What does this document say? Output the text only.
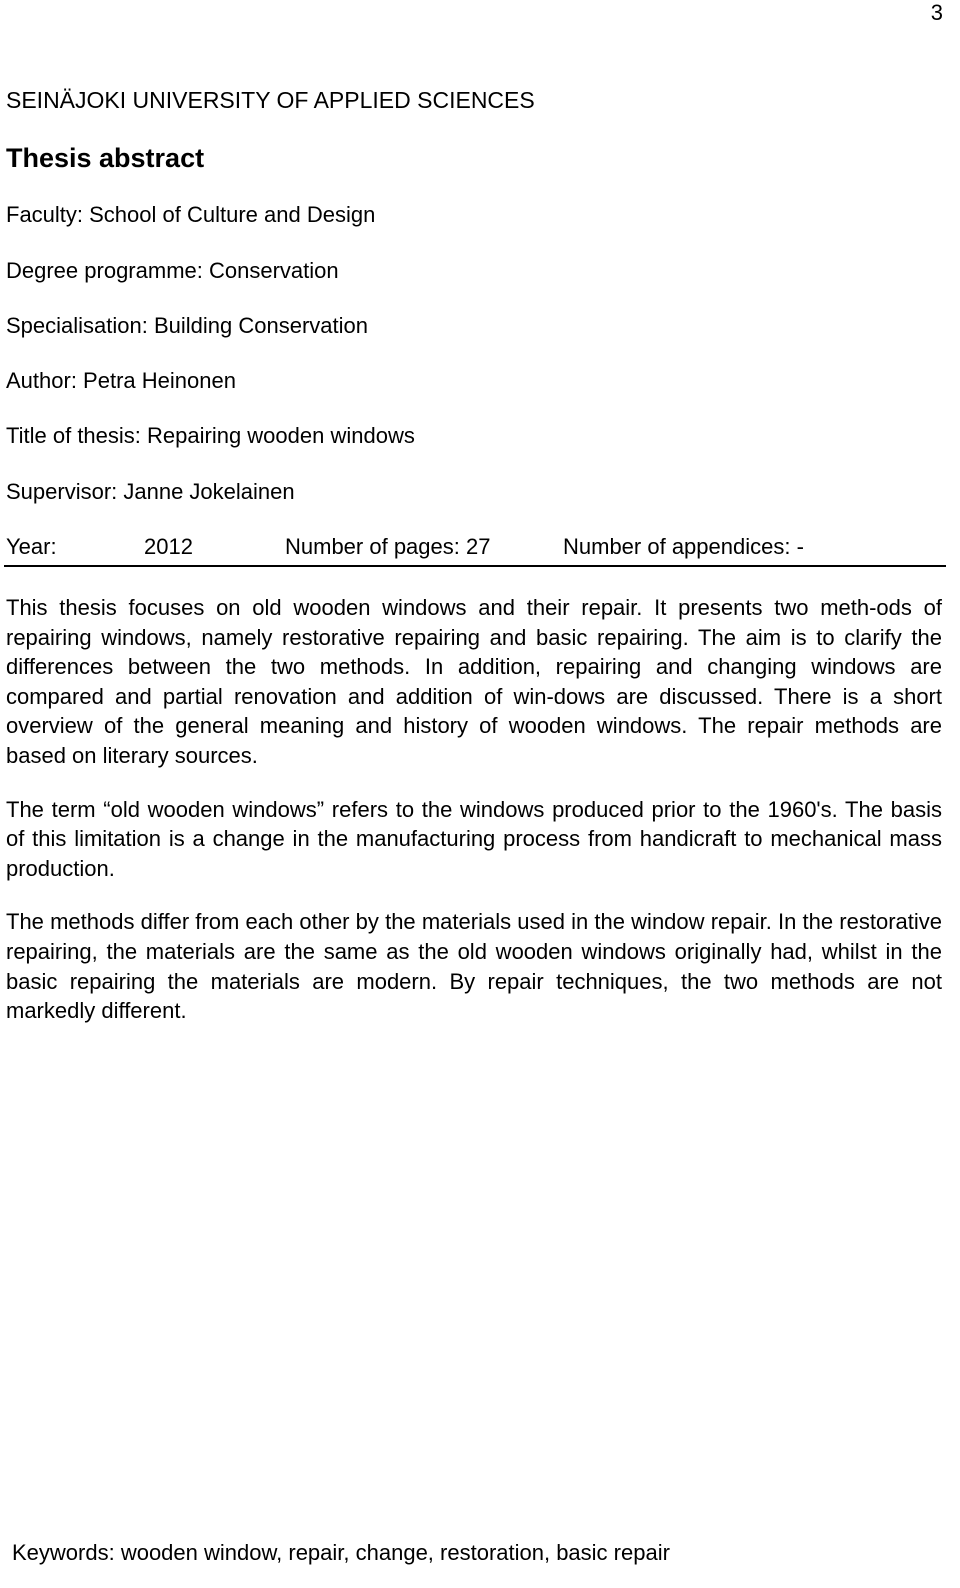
3
SEINÄJOKI UNIVERSITY OF APPLIED SCIENCES
Thesis abstract
Faculty: School of Culture and Design
Degree programme: Conservation
Specialisation: Building Conservation
Author: Petra Heinonen
Title of thesis: Repairing wooden windows
Supervisor: Janne Jokelainen
Year:	2012	Number of pages: 27	Number of appendices: -

This thesis focuses on old wooden windows and their repair. It presents two meth-ods of repairing windows, namely restorative repairing and basic repairing. The aim is to clarify the differences between the two methods. In addition, repairing and changing windows are compared and partial renovation and addition of win-dows are discussed. There is a short overview of the general meaning and history of wooden windows. The repair methods are based on literary sources.

The term “old wooden windows” refers to the windows produced prior to the 1960's. The basis of this limitation is a change in the manufacturing process from handicraft to mechanical mass production.

The methods differ from each other by the materials used in the window repair. In the restorative repairing, the materials are the same as the old wooden windows originally had, whilst in the basic repairing the materials are modern. By repair techniques, the two methods are not markedly different.

Keywords: wooden window, repair, change, restoration, basic repair
